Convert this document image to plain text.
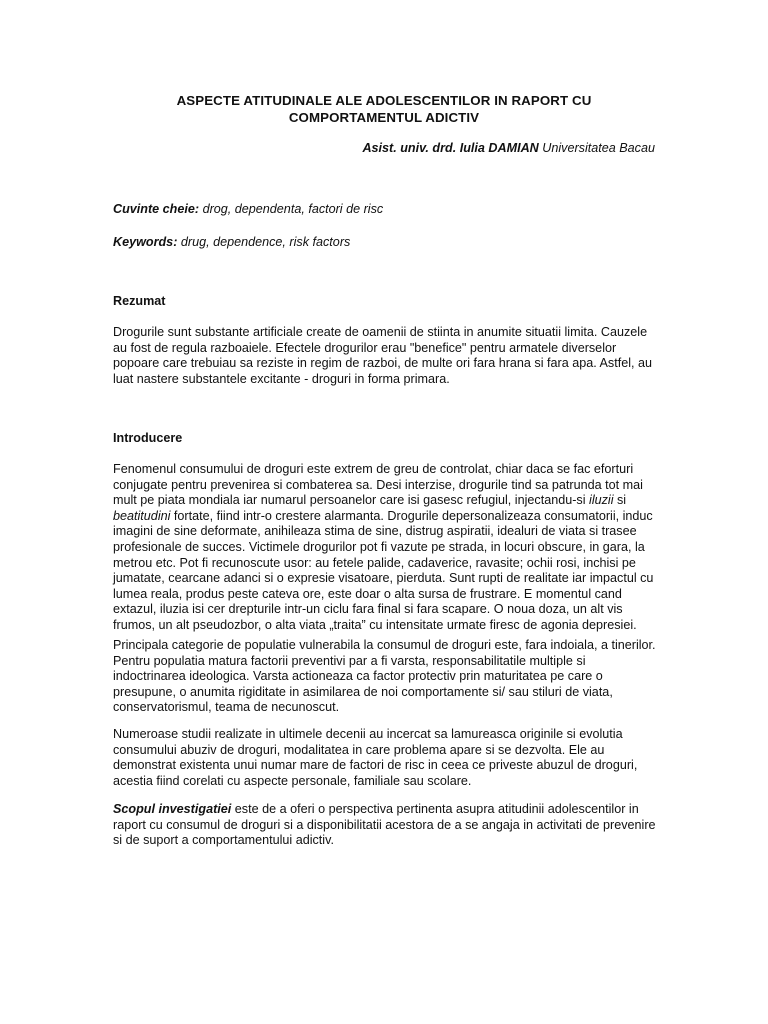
ASPECTE ATITUDINALE ALE ADOLESCENTILOR IN RAPORT CU
COMPORTAMENTUL ADICTIV
Asist. univ. drd. Iulia DAMIAN Universitatea Bacau
Cuvinte cheie: drog, dependenta, factori de risc
Keywords: drug, dependence, risk factors
Rezumat
Drogurile sunt substante artificiale create de oamenii de stiinta in anumite situatii limita. Cauzele
au fost de regula razboaiele. Efectele drogurilor erau "benefice" pentru armatele diverselor
popoare care trebuiau sa reziste in regim de razboi, de multe ori fara hrana si fara apa. Astfel, au
luat nastere substantele excitante - droguri in forma primara.
Introducere
Fenomenul consumului de droguri este extrem de greu de controlat, chiar daca se fac eforturi
conjugate pentru prevenirea si combaterea sa. Desi interzise, drogurile tind sa patrunda tot mai
mult pe piata mondiala iar numarul persoanelor care isi gasesc refugiul, injectandu-si iluzii si
beatitudini fortate, fiind intr-o crestere alarmanta. Drogurile depersonalizeaza consumatorii, induc
imagini de sine deformate, anihileaza stima de sine, distrug aspiratii, idealuri de viata si trasee
profesionale de succes. Victimele drogurilor pot fi vazute pe strada, in locuri obscure, in gara, la
metrou etc. Pot fi recunoscute usor: au fetele palide, cadaverice, ravasite; ochii rosi, inchisi pe
jumatate, cearcane adanci si o expresie visatoare, pierduta. Sunt rupti de realitate iar impactul cu
lumea reala, produs peste cateva ore, este doar o alta sursa de frustrare. E momentul cand
extazul, iluzia isi cer drepturile intr-un ciclu fara final si fara scapare. O noua doza, un alt vis
frumos, un alt pseudozbor, o alta viata „traita” cu intensitate urmate firesc de agonia depresiei.
Principala categorie de populatie vulnerabila la consumul de droguri este, fara indoiala, a tinerilor.
Pentru populatia matura factorii preventivi par a fi varsta, responsabilitatile multiple si
indoctrinarea ideologica. Varsta actioneaza ca factor protectiv prin maturitatea pe care o
presupune, o anumita rigiditate in asimilarea de noi comportamente si/ sau stiluri de viata,
conservatorismul, teama de necunoscut.
Numeroase studii realizate in ultimele decenii au incercat sa lamureasca originile si evolutia
consumului abuziv de droguri, modalitatea in care problema apare si se dezvolta. Ele au
demonstrat existenta unui numar mare de factori de risc in ceea ce priveste abuzul de droguri,
acestia fiind corelati cu aspecte personale, familiale sau scolare.
Scopul investigatiei este de a oferi o perspectiva pertinenta asupra atitudinii adolescentilor in
raport cu consumul de droguri si a disponibilitatii acestora de a se angaja in activitati de prevenire
si de suport a comportamentului adictiv.
